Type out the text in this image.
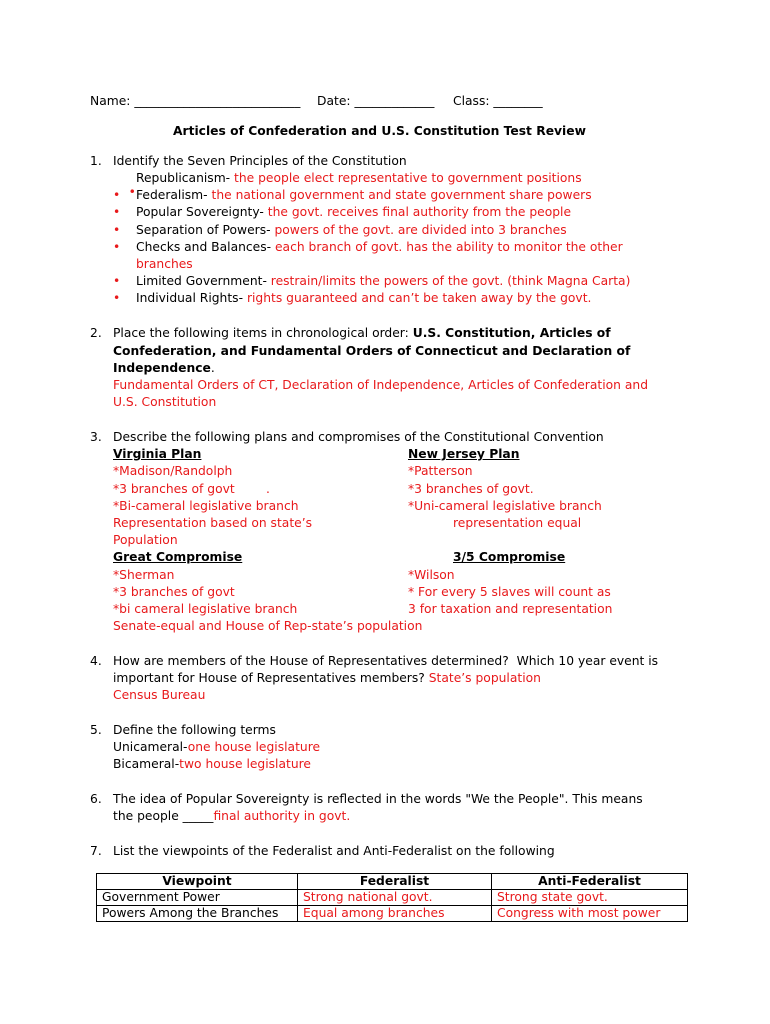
Name: ___________________________ Date: _____________ Class: ________
Articles of Confederation and U.S. Constitution Test Review
1. Identify the Seven Principles of the Constitution

•

Republicanism- the people elect representative to government positions
• Federalism- the national government and state government share powers
• Popular Sovereignty- the govt. receives final authority from the people
• Separation of Powers- powers of the govt. are divided into 3 branches
• Checks and Balances- each branch of govt. has the ability to monitor the other
branches
• Limited Government- restrain/limits the powers of the govt. (think Magna Carta)
• Individual Rights- rights guaranteed and can’t be taken away by the govt.
2. Place the following items in chronological order: U.S. Constitution, Articles of
Confederation, and Fundamental Orders of Connecticut and Declaration of
Independence.
Fundamental Orders of CT, Declaration of Independence, Articles of Confederation and
U.S. Constitution
3. Describe the following plans and compromises of the Constitutional Convention
Virginia Plan
*Madison/Randolph
*3 branches of govt        .
*Bi-cameral legislative branch
Representation based on state’s
Population
New Jersey Plan
*Patterson
*3 branches of govt.
*Uni-cameral legislative branch
representation equal
Great Compromise
*Sherman
*3 branches of govt
*bi cameral legislative branch
Senate-equal and House of Rep-state’s population
3/5 Compromise
*Wilson
* For every 5 slaves will count as
3 for taxation and representation
4. How are members of the House of Representatives determined?  Which 10 year event is
important for House of Representatives members? State’s population
Census Bureau
5. Define the following terms
Unicameral-one house legislature
Bicameral-two house legislature
6. The idea of Popular Sovereignty is reflected in the words "We the People". This means
the people _____final authority in govt.
7. List the viewpoints of the Federalist and Anti-Federalist on the following
Viewpoint	Federalist	Anti-Federalist
Government Power	Strong national govt.	Strong state govt.
Powers Among the Branches	Equal among branches	Congress with most power
